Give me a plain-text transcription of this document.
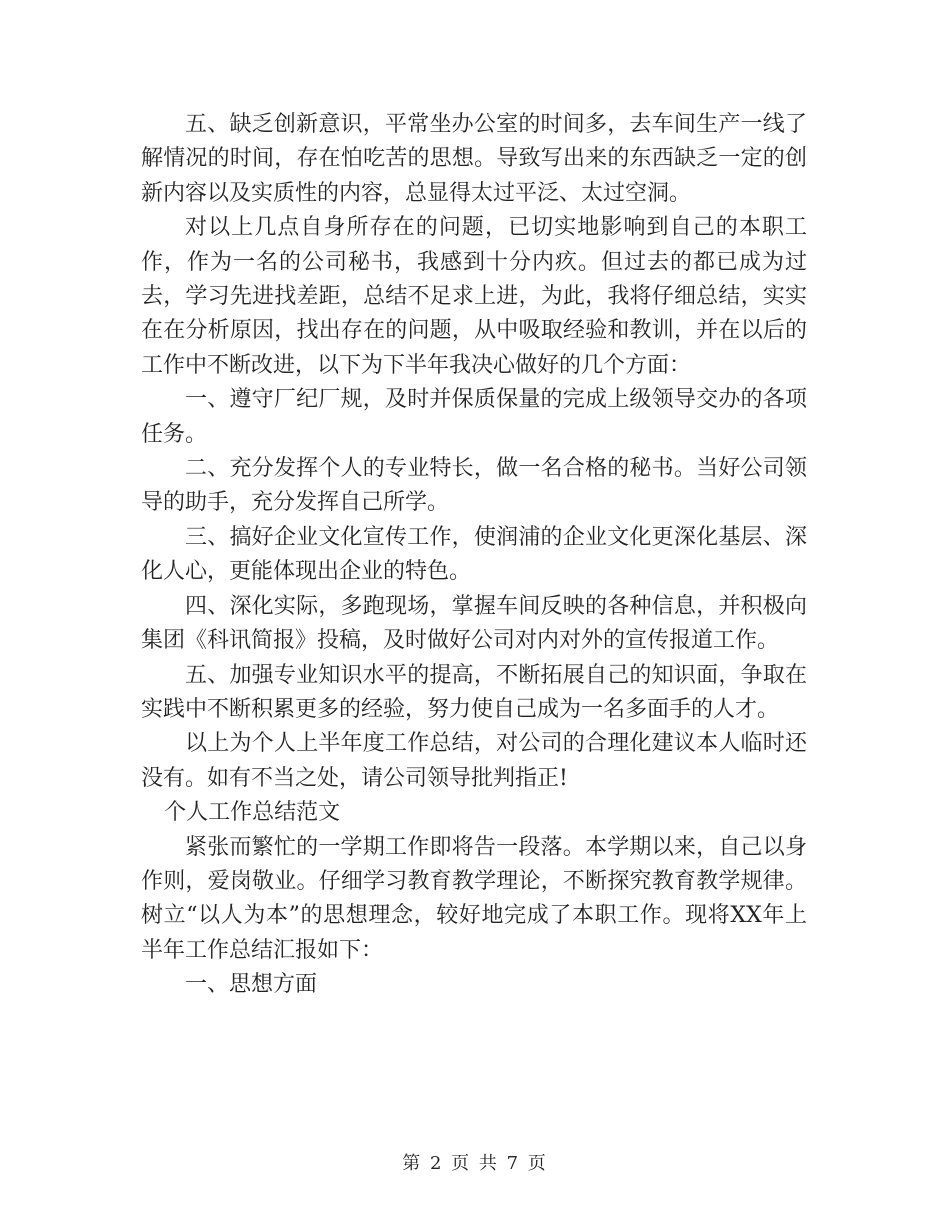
五、缺乏创新意识，平常坐办公室的时间多，去车间生产一线了解情况的时间，存在怕吃苦的思想。导致写出来的东西缺乏一定的创新内容以及实质性的内容，总显得太过平泛、太过空洞。

对以上几点自身所存在的问题，已切实地影响到自己的本职工作，作为一名的公司秘书，我感到十分内疚。但过去的都已成为过去，学习先进找差距，总结不足求上进，为此，我将仔细总结，实实在在分析原因，找出存在的问题，从中吸取经验和教训，并在以后的工作中不断改进，以下为下半年我决心做好的几个方面：

一、遵守厂纪厂规，及时并保质保量的完成上级领导交办的各项任务。

二、充分发挥个人的专业特长，做一名合格的秘书。当好公司领导的助手，充分发挥自己所学。

三、搞好企业文化宣传工作，使润浦的企业文化更深化基层、深化人心，更能体现出企业的特色。

四、深化实际，多跑现场，掌握车间反映的各种信息，并积极向集团《科讯简报》投稿，及时做好公司对内对外的宣传报道工作。

五、加强专业知识水平的提高，不断拓展自己的知识面，争取在实践中不断积累更多的经验，努力使自己成为一名多面手的人才。

以上为个人上半年度工作总结，对公司的合理化建议本人临时还没有。如有不当之处，请公司领导批判指正!

个人工作总结范文

紧张而繁忙的一学期工作即将告一段落。本学期以来，自己以身作则，爱岗敬业。仔细学习教育教学理论，不断探究教育教学规律。树立“以人为本”的思想理念，较好地完成了本职工作。现将XX年上半年工作总结汇报如下：

一、思想方面

第 2 页 共 7 页
